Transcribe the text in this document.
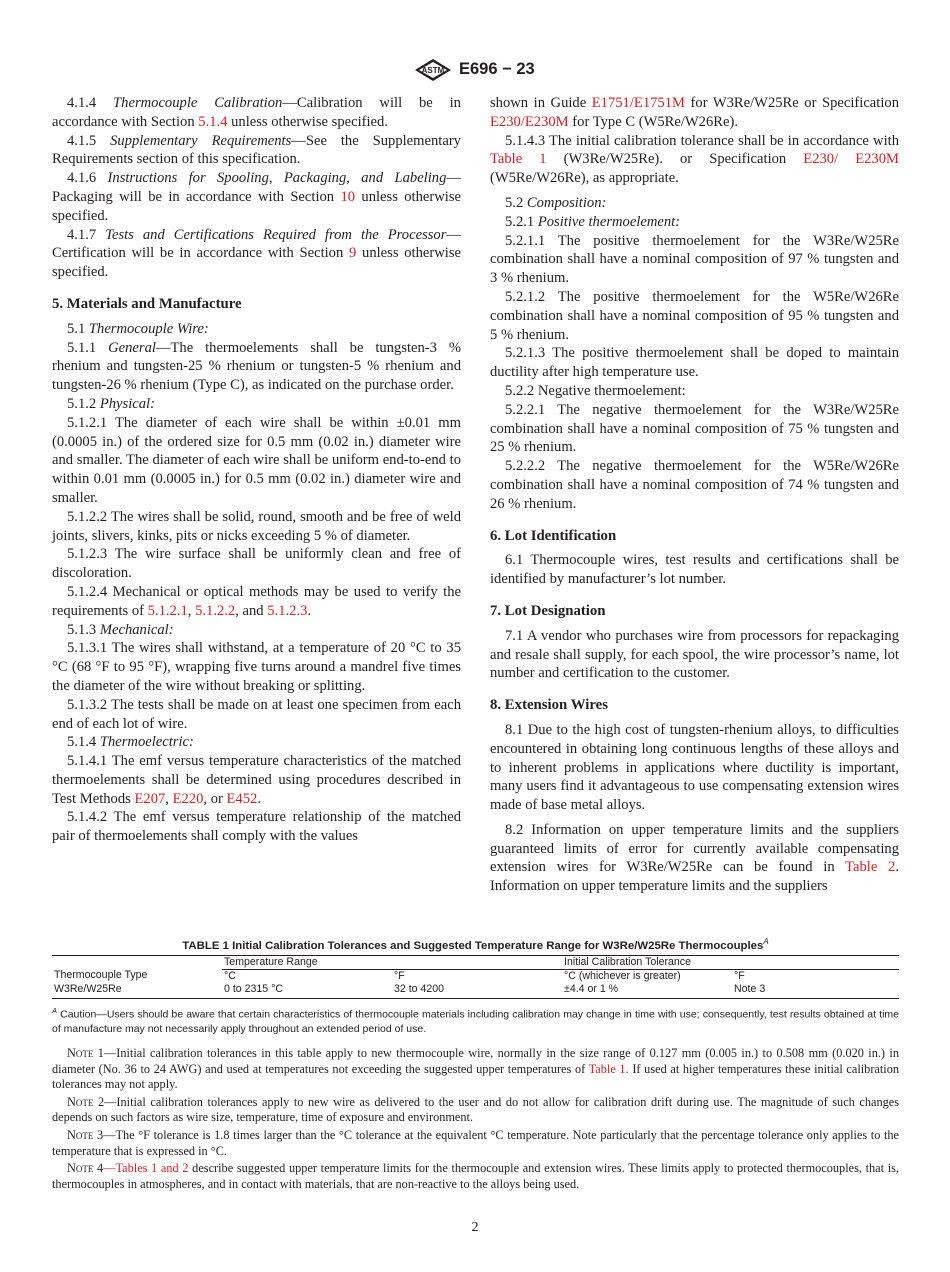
ASTM E696 − 23

4.1.4 Thermocouple Calibration—Calibration will be in accordance with Section 5.1.4 unless otherwise specified.

4.1.5 Supplementary Requirements—See the Supplementary Requirements section of this specification.

4.1.6 Instructions for Spooling, Packaging, and Labeling—Packaging will be in accordance with Section 10 unless otherwise specified.

4.1.7 Tests and Certifications Required from the Processor—Certification will be in accordance with Section 9 unless otherwise specified.

5. Materials and Manufacture

5.1 Thermocouple Wire:

5.1.1 General—The thermoelements shall be tungsten-3 % rhenium and tungsten-25 % rhenium or tungsten-5 % rhenium and tungsten-26 % rhenium (Type C), as indicated on the purchase order.

5.1.2 Physical:

5.1.2.1 The diameter of each wire shall be within ±0.01 mm (0.0005 in.) of the ordered size for 0.5 mm (0.02 in.) diameter wire and smaller. The diameter of each wire shall be uniform end-to-end to within 0.01 mm (0.0005 in.) for 0.5 mm (0.02 in.) diameter wire and smaller.

5.1.2.2 The wires shall be solid, round, smooth and be free of weld joints, slivers, kinks, pits or nicks exceeding 5 % of diameter.

5.1.2.3 The wire surface shall be uniformly clean and free of discoloration.

5.1.2.4 Mechanical or optical methods may be used to verify the requirements of 5.1.2.1, 5.1.2.2, and 5.1.2.3.

5.1.3 Mechanical:

5.1.3.1 The wires shall withstand, at a temperature of 20 °C to 35 °C (68 °F to 95 °F), wrapping five turns around a mandrel five times the diameter of the wire without breaking or splitting.

5.1.3.2 The tests shall be made on at least one specimen from each end of each lot of wire.

5.1.4 Thermoelectric:

5.1.4.1 The emf versus temperature characteristics of the matched thermoelements shall be determined using procedures described in Test Methods E207, E220, or E452.

5.1.4.2 The emf versus temperature relationship of the matched pair of thermoelements shall comply with the values

shown in Guide E1751/E1751M for W3Re/W25Re or Specification E230/E230M for Type C (W5Re/W26Re).

5.1.4.3 The initial calibration tolerance shall be in accordance with Table 1 (W3Re/W25Re). or Specification E230/ E230M (W5Re/W26Re), as appropriate.

5.2 Composition:

5.2.1 Positive thermoelement:

5.2.1.1 The positive thermoelement for the W3Re/W25Re combination shall have a nominal composition of 97 % tungsten and 3 % rhenium.

5.2.1.2 The positive thermoelement for the W5Re/W26Re combination shall have a nominal composition of 95 % tungsten and 5 % rhenium.

5.2.1.3 The positive thermoelement shall be doped to maintain ductility after high temperature use.

5.2.2 Negative thermoelement:

5.2.2.1 The negative thermoelement for the W3Re/W25Re combination shall have a nominal composition of 75 % tungsten and 25 % rhenium.

5.2.2.2 The negative thermoelement for the W5Re/W26Re combination shall have a nominal composition of 74 % tungsten and 26 % rhenium.

6. Lot Identification

6.1 Thermocouple wires, test results and certifications shall be identified by manufacturer’s lot number.

7. Lot Designation

7.1 A vendor who purchases wire from processors for repackaging and resale shall supply, for each spool, the wire processor’s name, lot number and certification to the customer.

8. Extension Wires

8.1 Due to the high cost of tungsten-rhenium alloys, to difficulties encountered in obtaining long continuous lengths of these alloys and to inherent problems in applications where ductility is important, many users find it advantageous to use compensating extension wires made of base metal alloys.

8.2 Information on upper temperature limits and the suppliers guaranteed limits of error for currently available compensating extension wires for W3Re/W25Re can be found in Table 2. Information on upper temperature limits and the suppliers

TABLE 1 Initial Calibration Tolerances and Suggested Temperature Range for W3Re/W25Re Thermocouples$^A$
	Temperature Range		Initial Calibration Tolerance	
Thermocouple Type	°C	°F	°C (whichever is greater)	°F
W3Re/W25Re	0 to 2315 °C	32 to 4200	±4.4 or 1 %	Note 3
$^A$ Caution—Users should be aware that certain characteristics of thermocouple materials including calibration may change in time with use; consequently, test results obtained at time of manufacture may not necessarily apply throughout an extended period of use.

Note 1—Initial calibration tolerances in this table apply to new thermocouple wire, normally in the size range of 0.127 mm (0.005 in.) to 0.508 mm (0.020 in.) in diameter (No. 36 to 24 AWG) and used at temperatures not exceeding the suggested upper temperatures of Table 1. If used at higher temperatures these initial calibration tolerances may not apply.

Note 2—Initial calibration tolerances apply to new wire as delivered to the user and do not allow for calibration drift during use. The magnitude of such changes depends on such factors as wire size, temperature, time of exposure and environment.

Note 3—The °F tolerance is 1.8 times larger than the °C tolerance at the equivalent °C temperature. Note particularly that the percentage tolerance only applies to the temperature that is expressed in °C.

Note 4—Tables 1 and 2 describe suggested upper temperature limits for the thermocouple and extension wires. These limits apply to protected thermocouples, that is, thermocouples in atmospheres, and in contact with materials, that are non-reactive to the alloys being used.

2
